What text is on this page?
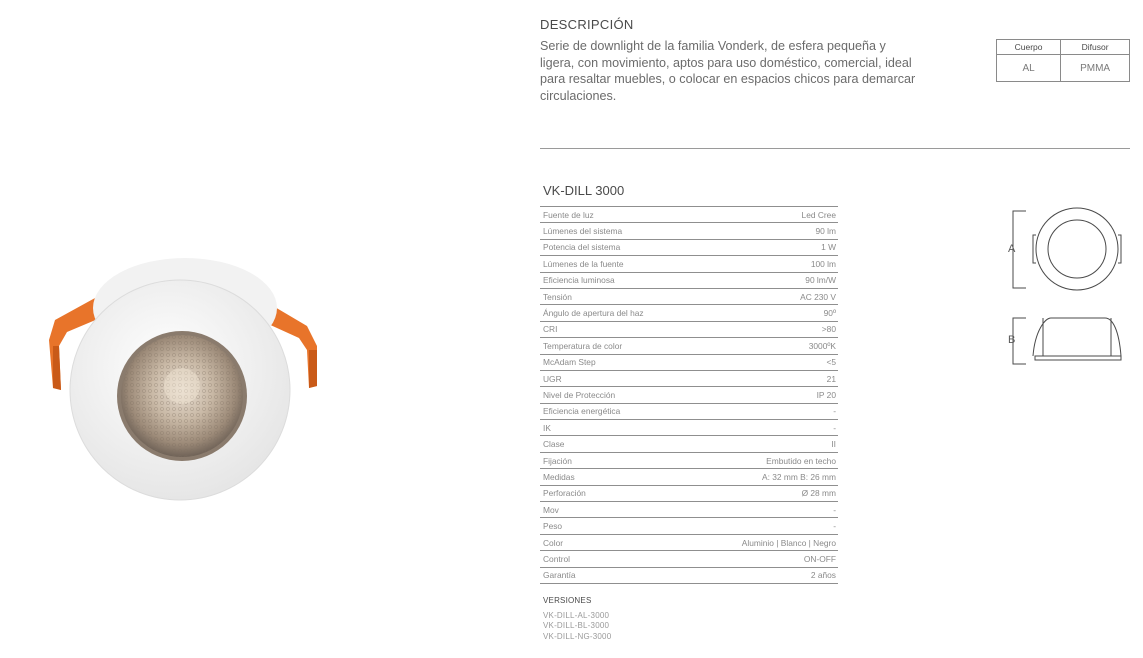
DESCRIPCIÓN
Serie de downlight de la familia Vonderk, de esfera pequeña y ligera, con movimiento, aptos para uso doméstico, comercial, ideal para resaltar muebles, o colocar en espacios chicos para demarcar circulaciones.
Cuerpo	Difusor
AL	PMMA
VK-DILL 3000
Fuente de luz	Led Cree
Lúmenes del sistema	90 lm
Potencia del sistema	1 W
Lúmenes de la fuente	100 lm
Eficiencia luminosa	90 lm/W
Tensión	AC 230 V
Ángulo de apertura del haz	90º
CRI	>80
Temperatura de color	3000ºK
McAdam Step	<5
UGR	21
Nivel de Protección	IP 20
Eficiencia energética	-
IK	-
Clase	II
Fijación	Embutido en techo
Medidas	A: 32 mm B: 26 mm
Perforación	Ø 28 mm
Mov	-
Peso	-
Color	Aluminio | Blanco | Negro
Control	ON-OFF
Garantía	2 años
VERSIONES
VK-DILL-AL-3000
VK-DILL-BL-3000
VK-DILL-NG-3000
A
B
